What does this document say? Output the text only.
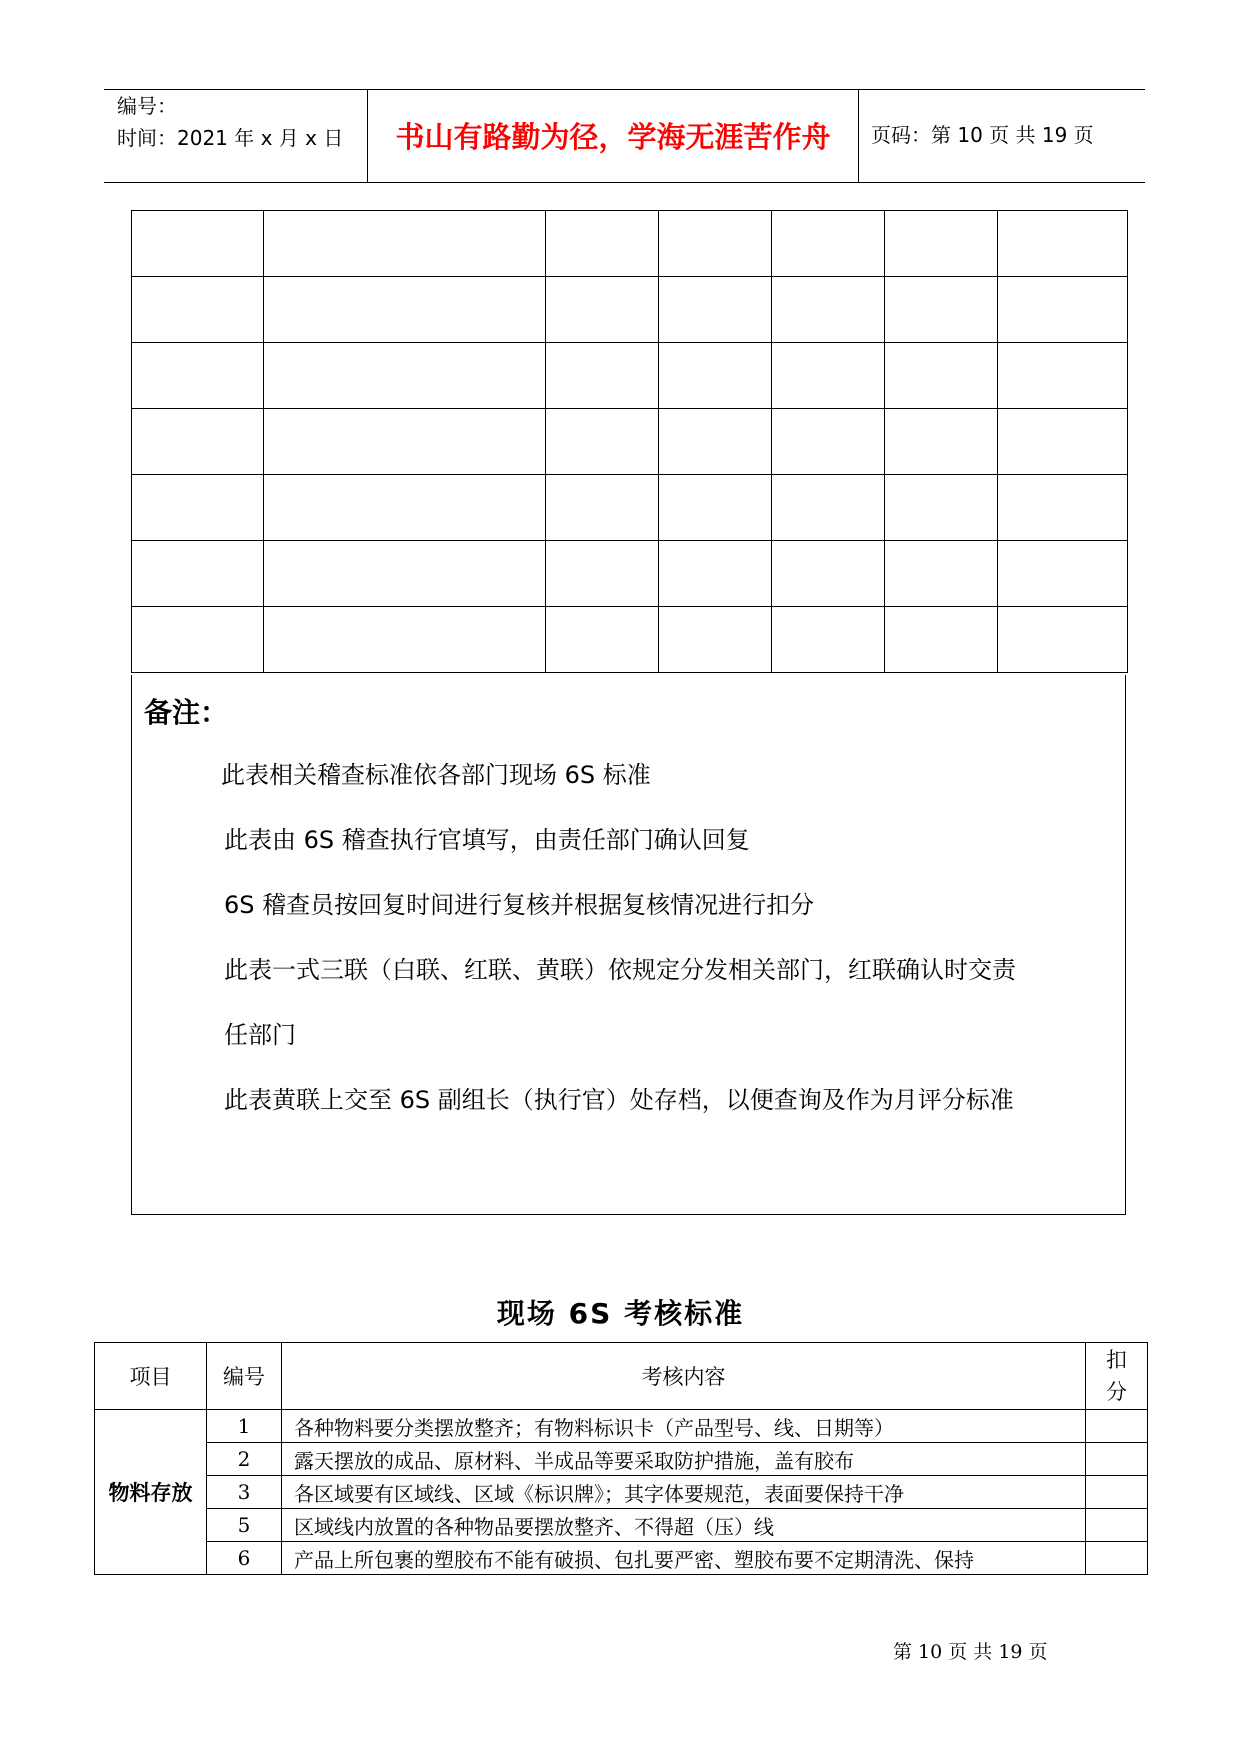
编号：
时间：2021 年 x 月 x 日	书山有路勤为径，学海无涯苦作舟	页码：第 10 页 共 19 页

备注：
此表相关稽查标准依各部门现场 6S 标准
此表由 6S 稽查执行官填写，由责任部门确认回复
6S 稽查员按回复时间进行复核并根据复核情况进行扣分
此表一式三联（白联、红联、黄联）依规定分发相关部门，红联确认时交责
任部门
此表黄联上交至 6S 副组长（执行官）处存档，以便查询及作为月评分标准
现场 6S 考核标准
项目	编号	考核内容	扣
分

物料存放	1	各种物料要分类摆放整齐；有物料标识卡（产品型号、线、日期等）	
	2	露天摆放的成品、原材料、半成品等要采取防护措施，盖有胶布	
	3	各区域要有区域线、区域《标识牌》；其字体要规范，表面要保持干净	
	5	区域线内放置的各种物品要摆放整齐、不得超（压）线	
	6	产品上所包裹的塑胶布不能有破损、包扎要严密、塑胶布要不定期清洗、保持	
第 10 页 共 19 页
